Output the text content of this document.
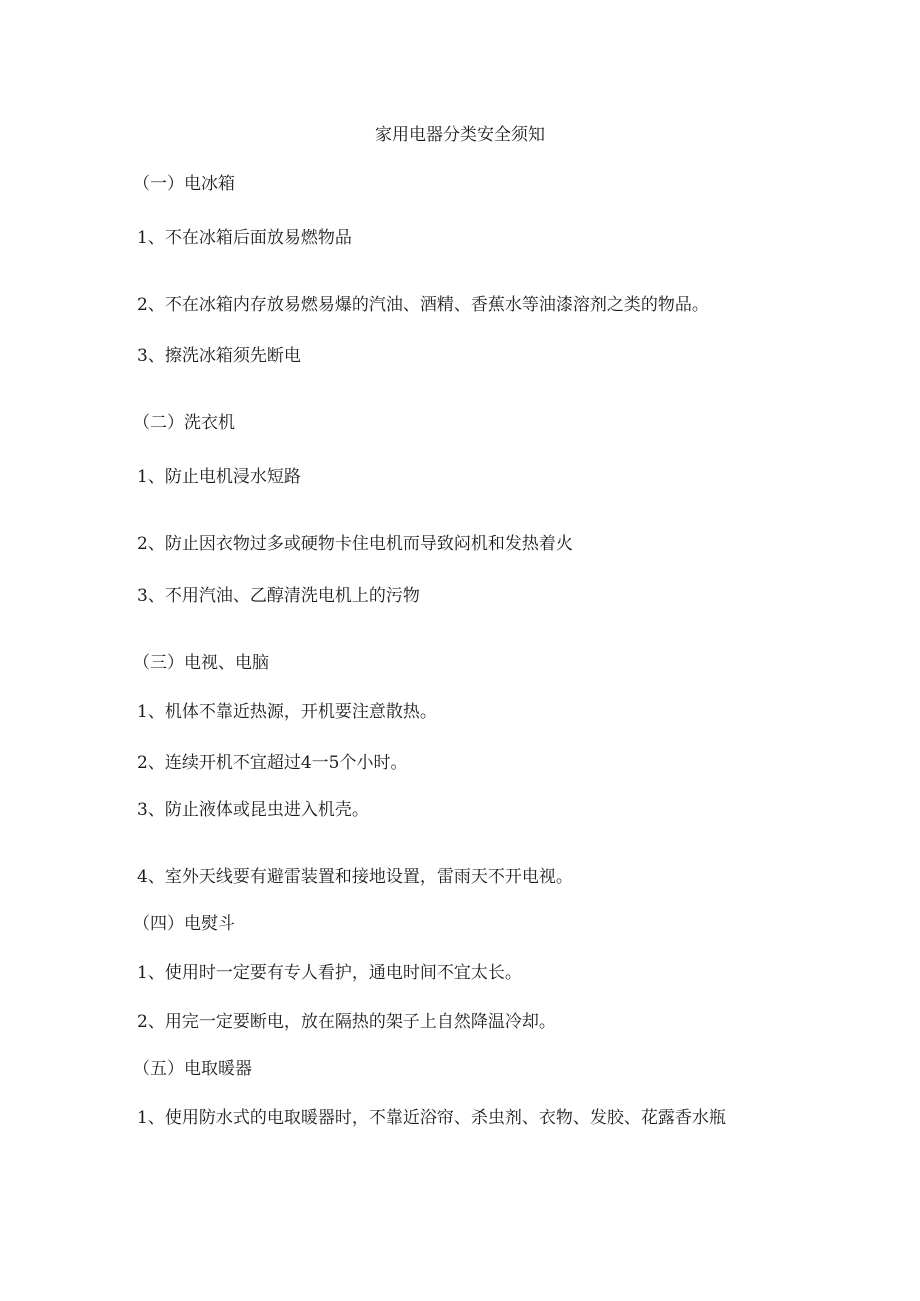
家用电器分类安全须知
（一）电冰箱
1、不在冰箱后面放易燃物品
2、不在冰箱内存放易燃易爆的汽油、酒精、香蕉水等油漆溶剂之类的物品。
3、擦洗冰箱须先断电
（二）洗衣机
1、防止电机浸水短路
2、防止因衣物过多或硬物卡住电机而导致闷机和发热着火
3、不用汽油、乙醇清洗电机上的污物
（三）电视、电脑
1、机体不靠近热源，开机要注意散热。
2、连续开机不宜超过4一5个小时。
3、防止液体或昆虫进入机壳。
4、室外天线要有避雷装置和接地设置，雷雨天不开电视。
（四）电熨斗
1、使用时一定要有专人看护，通电时间不宜太长。
2、用完一定要断电，放在隔热的架子上自然降温冷却。
（五）电取暖器
1、使用防水式的电取暖器时，不靠近浴帘、杀虫剂、衣物、发胶、花露香水瓶
